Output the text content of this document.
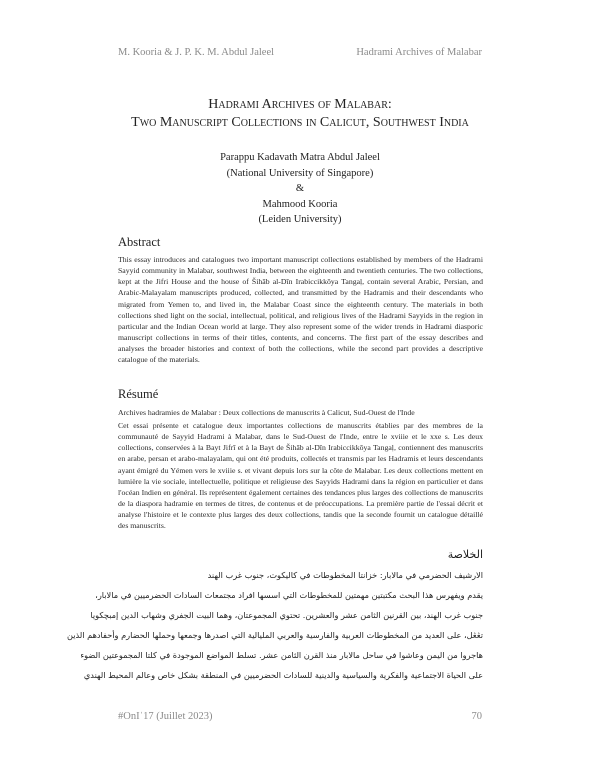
M. Kooria & J. P. K. M. Abdul Jaleel	Hadrami Archives of Malabar
Hadrami Archives of Malabar:
Two Manuscript Collections in Calicut, Southwest India
Parappu Kadavath Matra Abdul Jaleel
(National University of Singapore)
&
Mahmood Kooria
(Leiden University)
Abstract
This essay introduces and catalogues two important manuscript collections established by members of the Hadrami Sayyid community in Malabar, southwest India, between the eighteenth and twentieth centuries. The two collections, kept at the Jifri House and the house of Šihāb al-Dīn Irabiccikkōya Tangaḷ, contain several Arabic, Persian, and Arabic-Malayalam manuscripts produced, collected, and transmitted by the Hadramis and their descendants who migrated from Yemen to, and lived in, the Malabar Coast since the eighteenth century. The materials in both collections shed light on the social, intellectual, political, and religious lives of the Hadrami Sayyids in the region in particular and the Indian Ocean world at large. They also represent some of the wider trends in Hadrami diasporic manuscript collections in terms of their titles, contents, and concerns. The first part of the essay describes and analyses the broader histories and context of both the collections, while the second part provides a descriptive catalogue of the materials.
Résumé
Archives hadramies de Malabar : Deux collections de manuscrits à Calicut, Sud-Ouest de l'Inde
Cet essai présente et catalogue deux importantes collections de manuscrits établies par des membres de la communauté de Sayyid Hadrami à Malabar, dans le Sud-Ouest de l'Inde, entre le xviiie et le xxe s. Les deux collections, conservées à la Bayt Jifrī et à la Bayt de Šihāb al-Dīn Irabiccikkōya Tangaḷ, contiennent des manuscrits en arabe, persan et arabo-malayalam, qui ont été produits, collectés et transmis par les Hadramis et leurs descendants ayant émigré du Yémen vers le xviiie s. et vivant depuis lors sur la côte de Malabar. Les deux collections mettent en lumière la vie sociale, intellectuelle, politique et religieuse des Sayyids Hadrami dans la région en particulier et dans l'océan Indien en général. Ils représentent également certaines des tendances plus larges des collections de manuscrits de la diaspora hadramie en termes de titres, de contenus et de préoccupations. La première partie de l'essai décrit et analyse l'histoire et le contexte plus larges des deux collections, tandis que la seconde fournit un catalogue détaillé des manuscrits.
الخلاصة
الارشيف الحضرمي في مالابار: خزانتا المخطوطات في كاليكوت، جنوب غرب الهند
يقدم ويفهرس هذا البحث مكتبتين مهمتين للمخطوطات التي اسسها افراد مجتمعات السادات الحضرميين في مالابار،
جنوب غرب الهند، بين القرنين الثامن عشر والعشرين. تحتوي المجموعتان، وهما البيت الجفري وشهاب الدين إمبچكويا
تڠڠل، على العديد من المخطوطات العربية والفارسية والعربي المليالية التي اصدرها وجمعها وحملها الحضارم وأحفادهم الذين
هاجروا من اليمن وعاشوا في ساحل مالابار منذ القرن الثامن عشر. تسلط المواضع الموجودة في كلتا المجموعتين الضوء
على الحياة الاجتماعية والفكرية والسياسية والدينية للسادات الحضرميين في المنطقة بشكل خاص وعالم المحيط الهندي
#OnIˈ17 (Juillet 2023)	70
